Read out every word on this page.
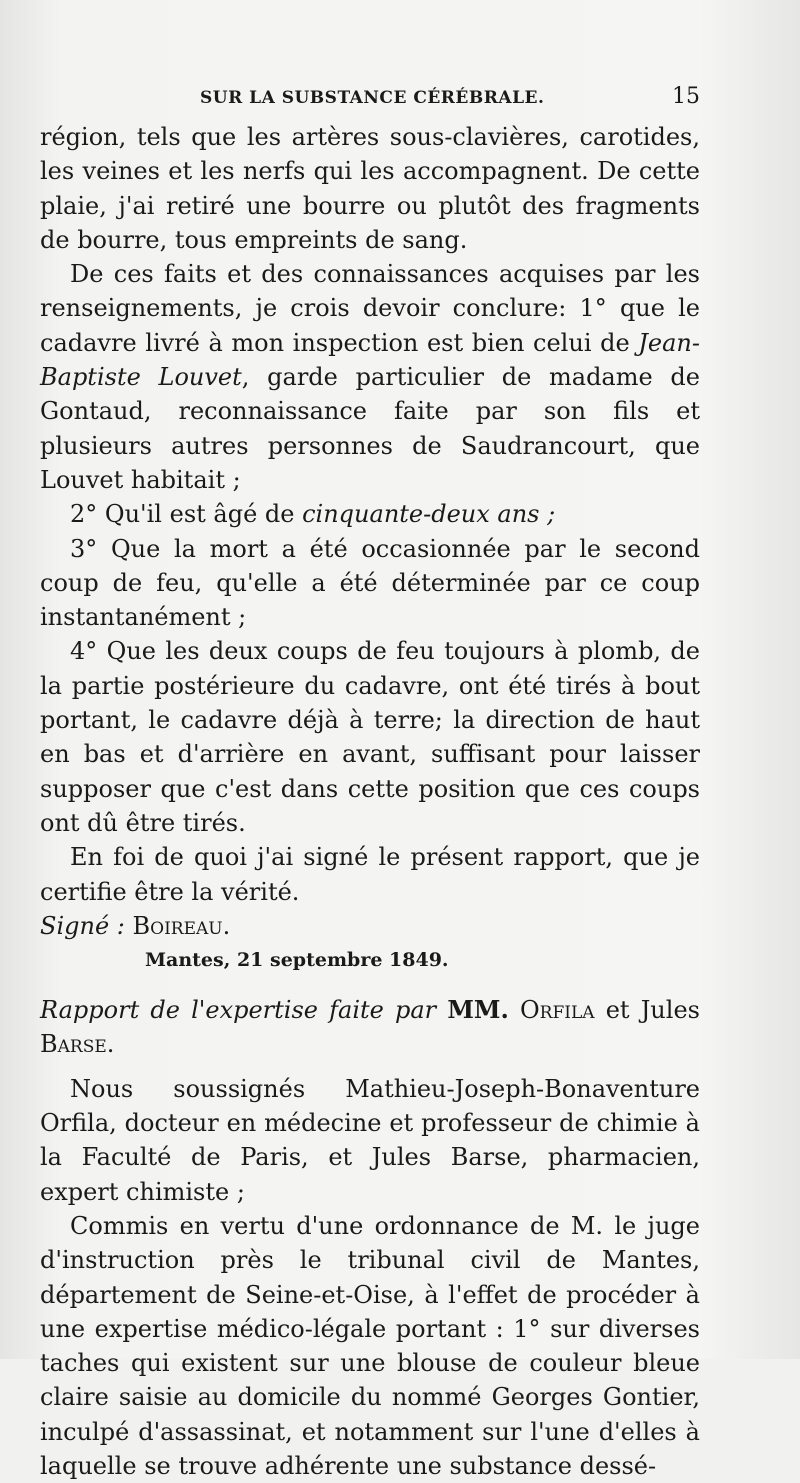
SUR LA SUBSTANCE CÉRÉBRALE.	15

région, tels que les artères sous-clavières, carotides, les veines et les nerfs qui les accompagnent. De cette plaie, j'ai retiré une bourre ou plutôt des fragments de bourre, tous empreints de sang.

De ces faits et des connaissances acquises par les renseignements, je crois devoir conclure: 1° que le cadavre livré à mon inspection est bien celui de Jean-Baptiste Louvet, garde particulier de madame de Gontaud, reconnaissance faite par son fils et plusieurs autres personnes de Saudrancourt, que Louvet habitait ;

2° Qu'il est âgé de cinquante-deux ans ;

3° Que la mort a été occasionnée par le second coup de feu, qu'elle a été déterminée par ce coup instantanément ;

4° Que les deux coups de feu toujours à plomb, de la partie postérieure du cadavre, ont été tirés à bout portant, le cadavre déjà à terre; la direction de haut en bas et d'arrière en avant, suffisant pour laisser supposer que c'est dans cette position que ces coups ont dû être tirés.

En foi de quoi j'ai signé le présent rapport, que je certifie être la vérité.

Signé : Boireau.

Mantes, 21 septembre 1849.

Rapport de l'expertise faite par MM. Orfila et Jules Barse.

Nous soussignés Mathieu-Joseph-Bonaventure Orfila, docteur en médecine et professeur de chimie à la Faculté de Paris, et Jules Barse, pharmacien, expert chimiste ;

Commis en vertu d'une ordonnance de M. le juge d'instruction près le tribunal civil de Mantes, département de Seine-et-Oise, à l'effet de procéder à une expertise médico-légale portant : 1° sur diverses taches qui existent sur une blouse de couleur bleue claire saisie au domicile du nommé Georges Gontier, inculpé d'assassinat, et notamment sur l'une d'elles à laquelle se trouve adhérente une substance dessé-
